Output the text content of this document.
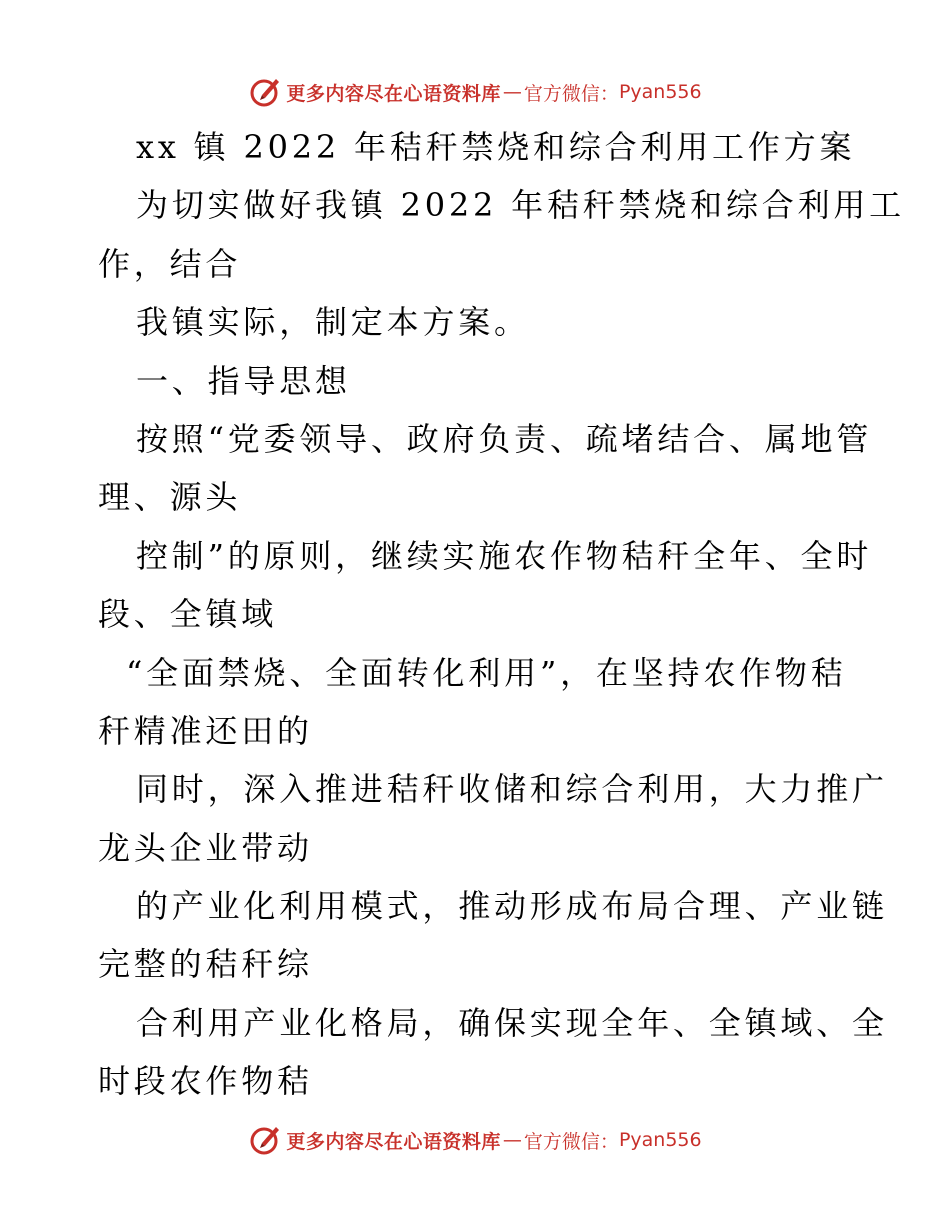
更多内容尽在心语资料库 — 官方微信： Pyan556
xx 镇 2022 年秸秆禁烧和综合利用工作方案
为切实做好我镇 2022 年秸秆禁烧和综合利用工
作，结合
我镇实际，制定本方案。
一、指导思想
按照“党委领导、政府负责、疏堵结合、属地管
理、源头
控制”的原则，继续实施农作物秸秆全年、全时
段、全镇域
“全面禁烧、全面转化利用”，在坚持农作物秸
秆精准还田的
同时，深入推进秸秆收储和综合利用，大力推广
龙头企业带动
的产业化利用模式，推动形成布局合理、产业链
完整的秸秆综
合利用产业化格局，确保实现全年、全镇域、全
时段农作物秸
更多内容尽在心语资料库 — 官方微信： Pyan556
